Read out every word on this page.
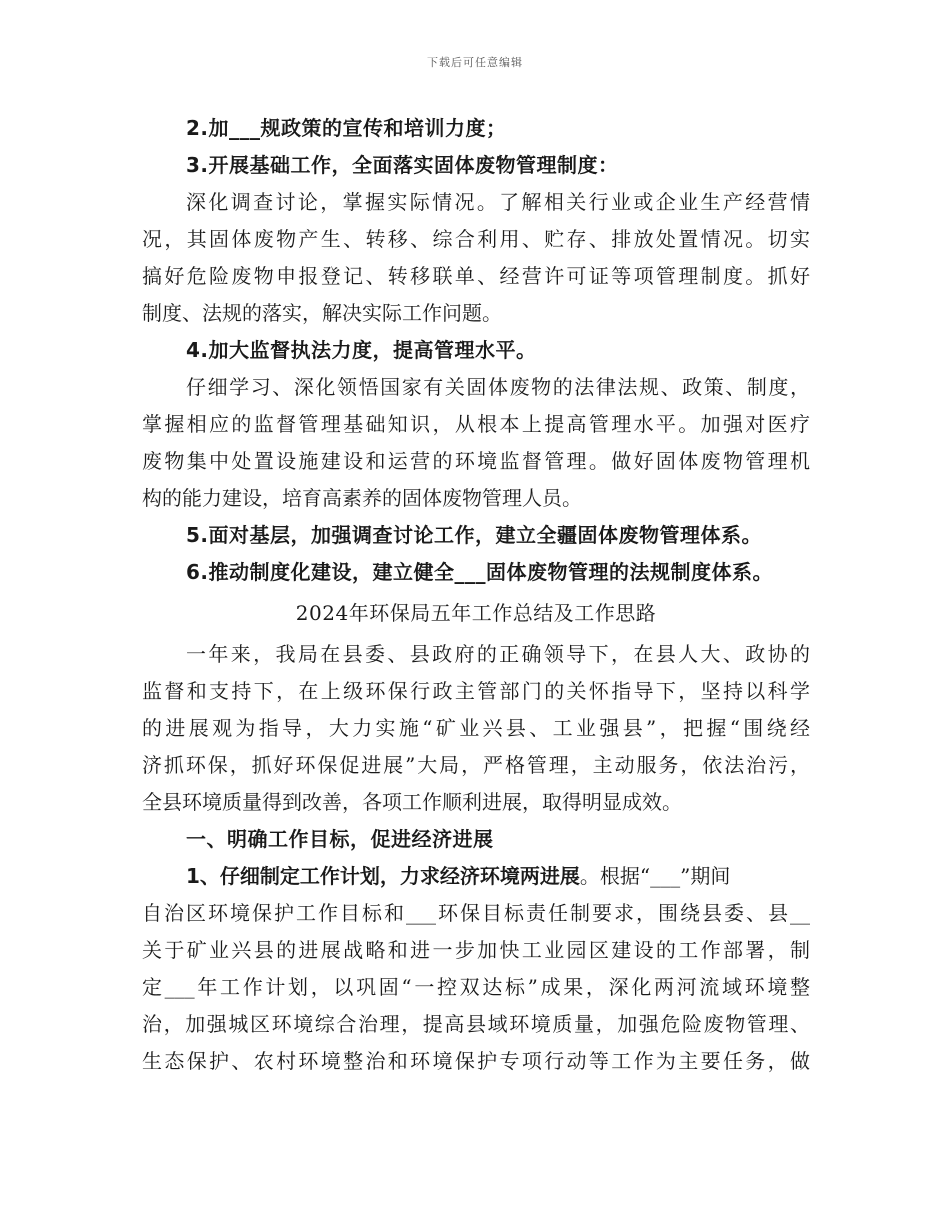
下载后可任意编辑
2.加___规政策的宣传和培训力度；
3.开展基础工作，全面落实固体废物管理制度：
深化调查讨论，掌握实际情况。了解相关行业或企业生产经营情
况，其固体废物产生、转移、综合利用、贮存、排放处置情况。切实
搞好危险废物申报登记、转移联单、经营许可证等项管理制度。抓好
制度、法规的落实，解决实际工作问题。
4.加大监督执法力度，提高管理水平。
仔细学习、深化领悟国家有关固体废物的法律法规、政策、制度，
掌握相应的监督管理基础知识，从根本上提高管理水平。加强对医疗
废物集中处置设施建设和运营的环境监督管理。做好固体废物管理机
构的能力建设，培育高素养的固体废物管理人员。
5.面对基层，加强调查讨论工作，建立全疆固体废物管理体系。
6.推动制度化建设，建立健全___固体废物管理的法规制度体系。
2024年环保局五年工作总结及工作思路
一年来，我局在县委、县政府的正确领导下，在县人大、政协的
监督和支持下，在上级环保行政主管部门的关怀指导下，坚持以科学
的进展观为指导，大力实施“矿业兴县、工业强县”，把握“围绕经
济抓环保，抓好环保促进展”大局，严格管理，主动服务，依法治污，
全县环境质量得到改善，各项工作顺利进展，取得明显成效。
一、明确工作目标，促进经济进展
1、仔细制定工作计划，力求经济环境两进展。根据“___”期间
自治区环境保护工作目标和___环保目标责任制要求，围绕县委、县__
关于矿业兴县的进展战略和进一步加快工业园区建设的工作部署，制
定___年工作计划，以巩固“一控双达标”成果，深化两河流域环境整
治，加强城区环境综合治理，提高县域环境质量，加强危险废物管理、
生态保护、农村环境整治和环境保护专项行动等工作为主要任务，做
